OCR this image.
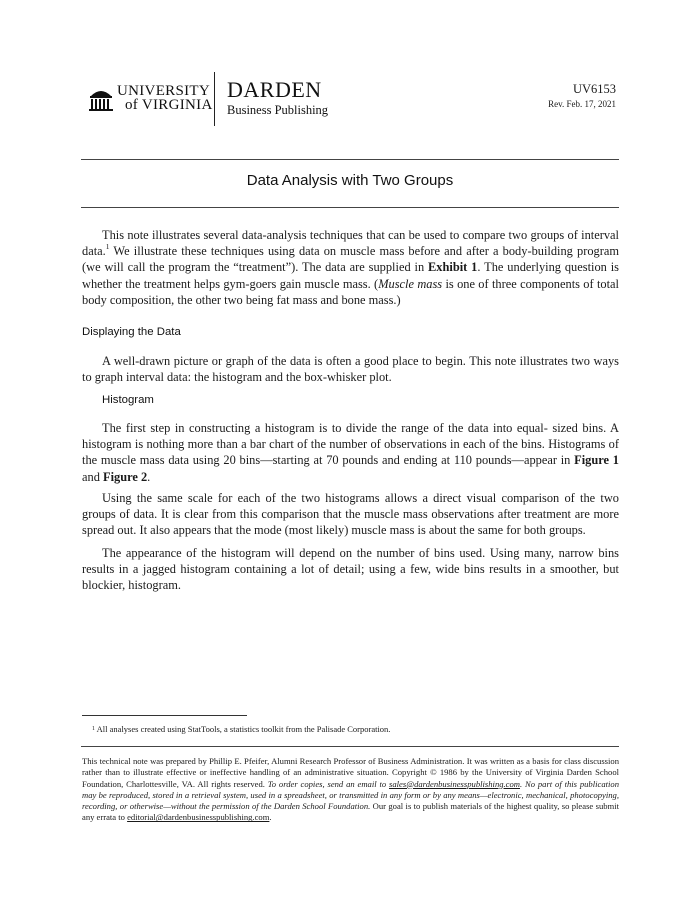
UNIVERSITY
of VIRGINIA
DARDEN
Business Publishing
UV6153
Rev. Feb. 17, 2021
Data Analysis with Two Groups

This note illustrates several data-analysis techniques that can be used to compare two groups of interval data.$^1$ We illustrate these techniques using data on muscle mass before and after a body-building program (we will call the program the “treatment”). The data are supplied in Exhibit 1. The underlying question is whether the treatment helps gym-goers gain muscle mass. (Muscle mass is one of three components of total body composition, the other two being fat mass and bone mass.)

Displaying the Data

A well-drawn picture or graph of the data is often a good place to begin. This note illustrates two ways to graph interval data: the histogram and the box-whisker plot.

Histogram

The first step in constructing a histogram is to divide the range of the data into equal- sized bins. A histogram is nothing more than a bar chart of the number of observations in each of the bins. Histograms of the muscle mass data using 20 bins—starting at 70 pounds and ending at 110 pounds—appear in Figure 1 and Figure 2.

Using the same scale for each of the two histograms allows a direct visual comparison of the two groups of data. It is clear from this comparison that the muscle mass observations after treatment are more spread out. It also appears that the mode (most likely) muscle mass is about the same for both groups.

The appearance of the histogram will depend on the number of bins used. Using many, narrow bins results in a jagged histogram containing a lot of detail; using a few, wide bins results in a smoother, but blockier, histogram.

$^1$ All analyses created using StatTools, a statistics toolkit from the Palisade Corporation.

This technical note was prepared by Phillip E. Pfeifer, Alumni Research Professor of Business Administration. It was written as a basis for class discussion rather than to illustrate effective or ineffective handling of an administrative situation. Copyright © 1986 by the University of Virginia Darden School Foundation, Charlottesville, VA. All rights reserved. To order copies, send an email to sales@dardenbusinesspublishing.com. No part of this publication may be reproduced, stored in a retrieval system, used in a spreadsheet, or transmitted in any form or by any means—electronic, mechanical, photocopying, recording, or otherwise—without the permission of the Darden School Foundation. Our goal is to publish materials of the highest quality, so please submit any errata to editorial@dardenbusinesspublishing.com.
